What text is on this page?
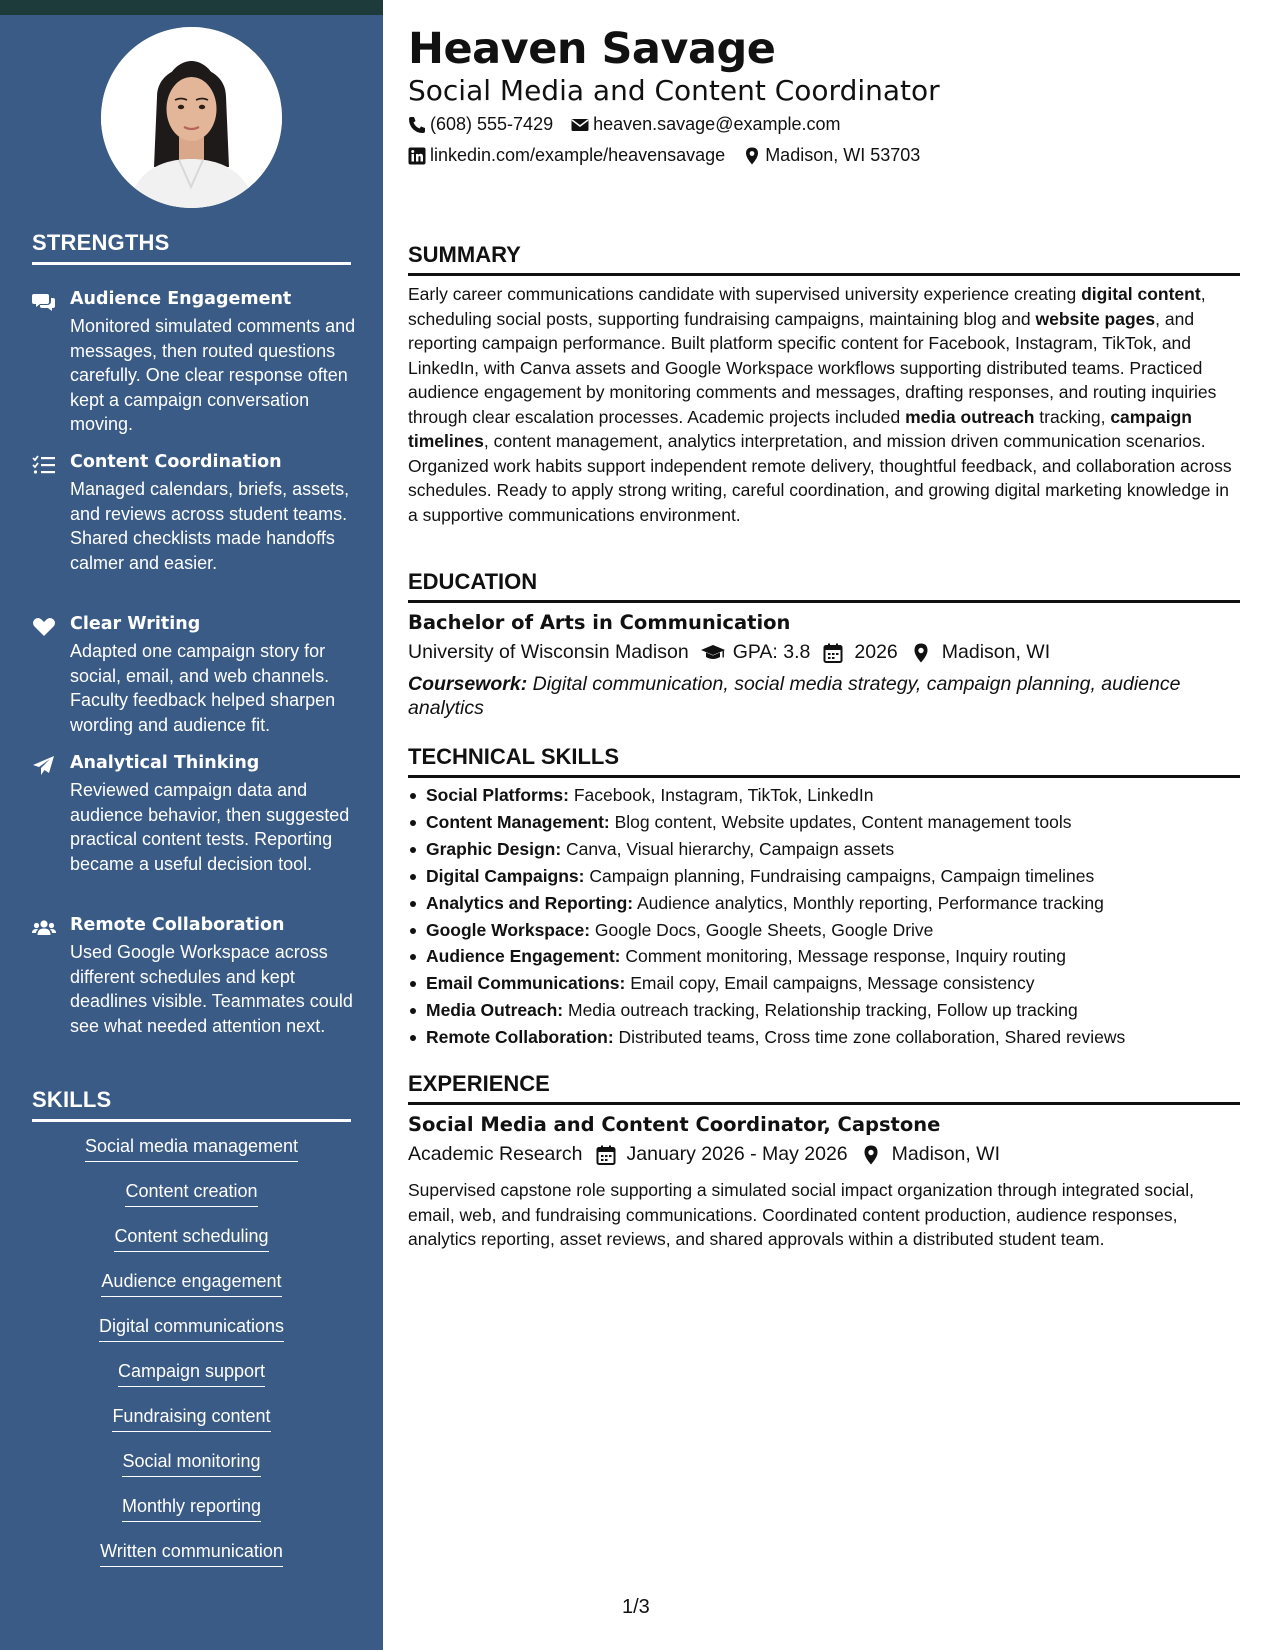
STRENGTHS
Audience Engagement
Monitored simulated comments and messages, then routed questions carefully. One clear response often kept a campaign conversation moving.
Content Coordination
Managed calendars, briefs, assets, and reviews across student teams. Shared checklists made handoffs calmer and easier.
Clear Writing
Adapted one campaign story for social, email, and web channels. Faculty feedback helped sharpen wording and audience fit.
Analytical Thinking
Reviewed campaign data and audience behavior, then suggested practical content tests. Reporting became a useful decision tool.
Remote Collaboration
Used Google Workspace across different schedules and kept deadlines visible. Teammates could see what needed attention next.
SKILLS
Social media management
Content creation
Content scheduling
Audience engagement
Digital communications
Campaign support
Fundraising content
Social monitoring
Monthly reporting
Written communication
Heaven Savage
Social Media and Content Coordinator
(608) 555-7429 heaven.savage@example.com
linkedin.com/example/heavensavage Madison, WI 53703
SUMMARY
Early career communications candidate with supervised university experience creating digital content, scheduling social posts, supporting fundraising campaigns, maintaining blog and website pages, and reporting campaign performance. Built platform specific content for Facebook, Instagram, TikTok, and LinkedIn, with Canva assets and Google Workspace workflows supporting distributed teams. Practiced audience engagement by monitoring comments and messages, drafting responses, and routing inquiries through clear escalation processes. Academic projects included media outreach tracking, campaign timelines, content management, analytics interpretation, and mission driven communication scenarios. Organized work habits support independent remote delivery, thoughtful feedback, and collaboration across schedules. Ready to apply strong writing, careful coordination, and growing digital marketing knowledge in a supportive communications environment.
EDUCATION
Bachelor of Arts in Communication
University of Wisconsin Madison GPA: 3.8 2026 Madison, WI
Coursework: Digital communication, social media strategy, campaign planning, audience analytics
TECHNICAL SKILLS
Social Platforms: Facebook, Instagram, TikTok, LinkedIn
Content Management: Blog content, Website updates, Content management tools
Graphic Design: Canva, Visual hierarchy, Campaign assets
Digital Campaigns: Campaign planning, Fundraising campaigns, Campaign timelines
Analytics and Reporting: Audience analytics, Monthly reporting, Performance tracking
Google Workspace: Google Docs, Google Sheets, Google Drive
Audience Engagement: Comment monitoring, Message response, Inquiry routing
Email Communications: Email copy, Email campaigns, Message consistency
Media Outreach: Media outreach tracking, Relationship tracking, Follow up tracking
Remote Collaboration: Distributed teams, Cross time zone collaboration, Shared reviews
EXPERIENCE
Social Media and Content Coordinator, Capstone
Academic Research January 2026 - May 2026 Madison, WI
Supervised capstone role supporting a simulated social impact organization through integrated social, email, web, and fundraising communications. Coordinated content production, audience responses, analytics reporting, asset reviews, and shared approvals within a distributed student team.
1/3
